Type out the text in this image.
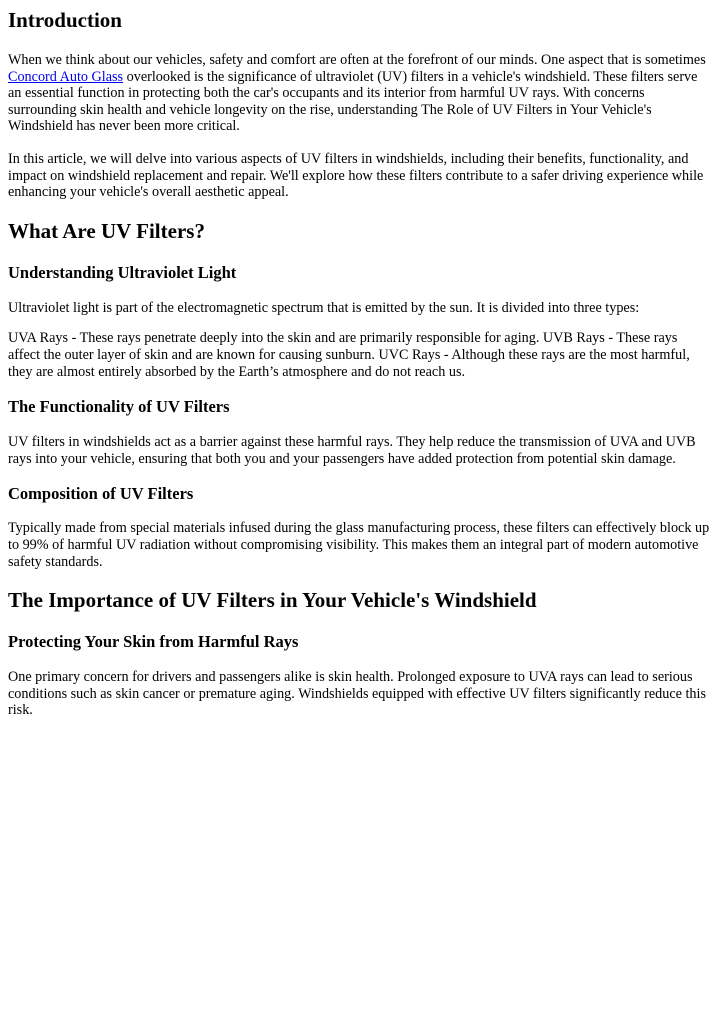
Introduction

When we think about our vehicles, safety and comfort are often at the forefront of our minds. One aspect that is sometimes Concord Auto Glass overlooked is the significance of ultraviolet (UV) filters in a vehicle's windshield. These filters serve an essential function in protecting both the car's occupants and its interior from harmful UV rays. With concerns surrounding skin health and vehicle longevity on the rise, understanding The Role of UV Filters in Your Vehicle's Windshield has never been more critical.

In this article, we will delve into various aspects of UV filters in windshields, including their benefits, functionality, and impact on windshield replacement and repair. We'll explore how these filters contribute to a safer driving experience while enhancing your vehicle's overall aesthetic appeal.

What Are UV Filters?
Understanding Ultraviolet Light

Ultraviolet light is part of the electromagnetic spectrum that is emitted by the sun. It is divided into three types:

UVA Rays - These rays penetrate deeply into the skin and are primarily responsible for aging. UVB Rays - These rays affect the outer layer of skin and are known for causing sunburn. UVC Rays - Although these rays are the most harmful, they are almost entirely absorbed by the Earth’s atmosphere and do not reach us.

The Functionality of UV Filters

UV filters in windshields act as a barrier against these harmful rays. They help reduce the transmission of UVA and UVB rays into your vehicle, ensuring that both you and your passengers have added protection from potential skin damage.

Composition of UV Filters

Typically made from special materials infused during the glass manufacturing process, these filters can effectively block up to 99% of harmful UV radiation without compromising visibility. This makes them an integral part of modern automotive safety standards.

The Importance of UV Filters in Your Vehicle's Windshield
Protecting Your Skin from Harmful Rays

One primary concern for drivers and passengers alike is skin health. Prolonged exposure to UVA rays can lead to serious conditions such as skin cancer or premature aging. Windshields equipped with effective UV filters significantly reduce this risk.
